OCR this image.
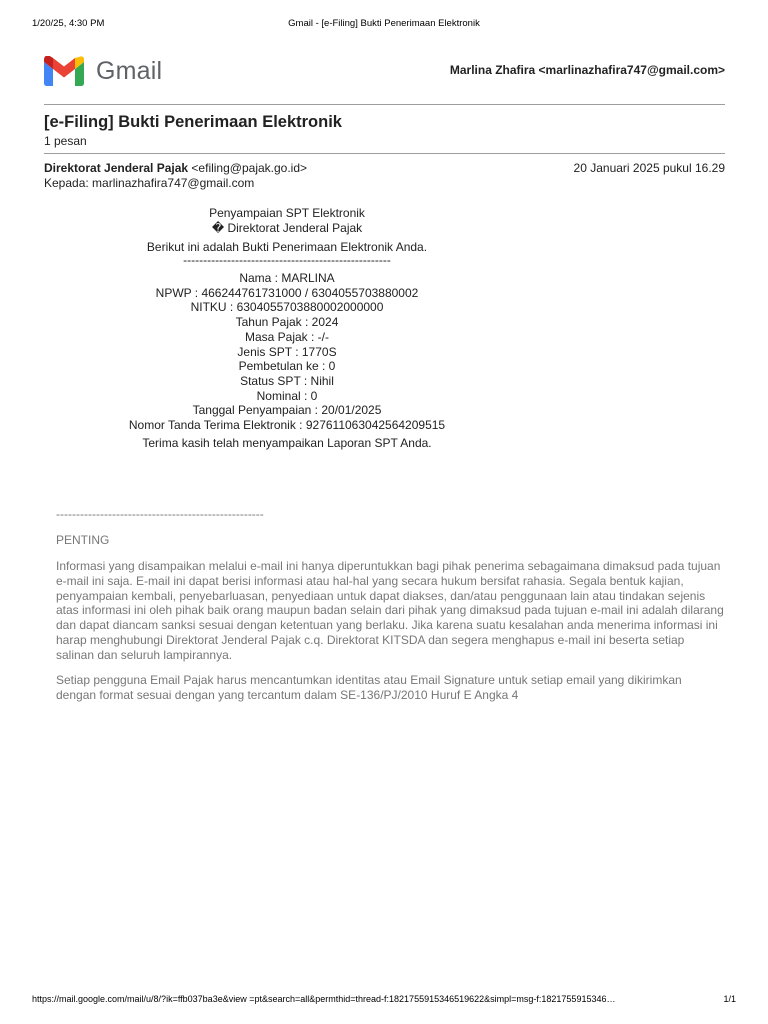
1/20/25, 4:30 PM	Gmail - [e-Filing] Bukti Penerimaan Elektronik
Gmail	Marlina Zhafira <marlinazhafira747@gmail.com>
[e-Filing] Bukti Penerimaan Elektronik
1 pesan
Direktorat Jenderal Pajak <efiling@pajak.go.id>	20 Januari 2025 pukul 16.29
Kepada: marlinazhafira747@gmail.com
Penyampaian SPT Elektronik
� Direktorat Jenderal Pajak
Berikut ini adalah Bukti Penerimaan Elektronik Anda.
----------------------------------------------------
Nama : MARLINA
NPWP : 466244761731000 / 6304055703880002
NITKU : 6304055703880002000000
Tahun Pajak : 2024
Masa Pajak : -/-
Jenis SPT : 1770S
Pembetulan ke : 0
Status SPT : Nihil
Nominal : 0
Tanggal Penyampaian : 20/01/2025
Nomor Tanda Terima Elektronik : 927611063042564209515
Terima kasih telah menyampaikan Laporan SPT Anda.
----------------------------------------------------
PENTING

Informasi yang disampaikan melalui e-mail ini hanya diperuntukkan bagi pihak penerima sebagaimana dimaksud pada tujuan e-mail ini saja. E-mail ini dapat berisi informasi atau hal-hal yang secara hukum bersifat rahasia. Segala bentuk kajian, penyampaian kembali, penyebarluasan, penyediaan untuk dapat diakses, dan/atau penggunaan lain atau tindakan sejenis atas informasi ini oleh pihak baik orang maupun badan selain dari pihak yang dimaksud pada tujuan e-mail ini adalah dilarang dan dapat diancam sanksi sesuai dengan ketentuan yang berlaku. Jika karena suatu kesalahan anda menerima informasi ini harap menghubungi Direktorat Jenderal Pajak c.q. Direktorat KITSDA dan segera menghapus e-mail ini beserta setiap salinan dan seluruh lampirannya.

Setiap pengguna Email Pajak harus mencantumkan identitas atau Email Signature untuk setiap email yang dikirimkan dengan format sesuai dengan yang tercantum dalam SE-136/PJ/2010 Huruf E Angka 4

https://mail.google.com/mail/u/8/?ik=ffb037ba3e&view =pt&search=all&permthid=thread-f:1821755915346519622&simpl=msg-f:1821755915346…	1/1
